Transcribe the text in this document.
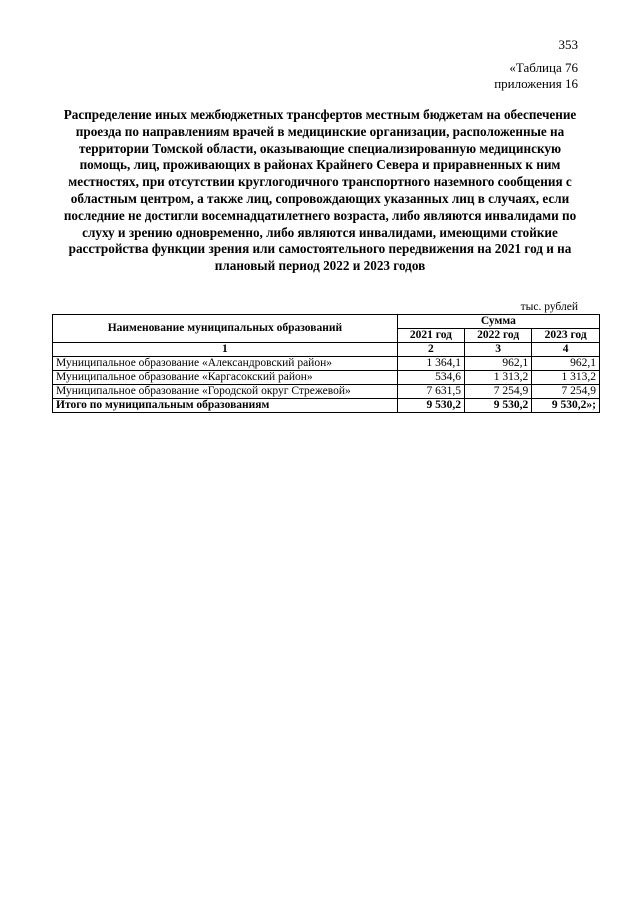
353
«Таблица 76
приложения 16
Распределение иных межбюджетных трансфертов местным бюджетам на обеспечение проезда по направлениям врачей в медицинские организации, расположенные на территории Томской области, оказывающие специализированную медицинскую помощь, лиц, проживающих в районах Крайнего Севера и приравненных к ним местностях, при отсутствии круглогодичного транспортного наземного сообщения с областным центром, а также лиц, сопровождающих указанных лиц в случаях, если последние не достигли восемнадцатилетнего возраста, либо являются инвалидами по слуху и зрению одновременно, либо являются инвалидами, имеющими стойкие расстройства функции зрения или самостоятельного передвижения на 2021 год и на плановый период 2022 и 2023 годов
тыс. рублей
Наименование муниципальных образований	Сумма		
	2021 год	2022 год	2023 год
1	2	3	4
Муниципальное образование «Александровский район»	1 364,1	962,1	962,1
Муниципальное образование «Каргасокский район»	534,6	1 313,2	1 313,2
Муниципальное образование «Городской округ Стрежевой»	7 631,5	7 254,9	7 254,9
Итого по муниципальным образованиям	9 530,2	9 530,2	9 530,2»;
